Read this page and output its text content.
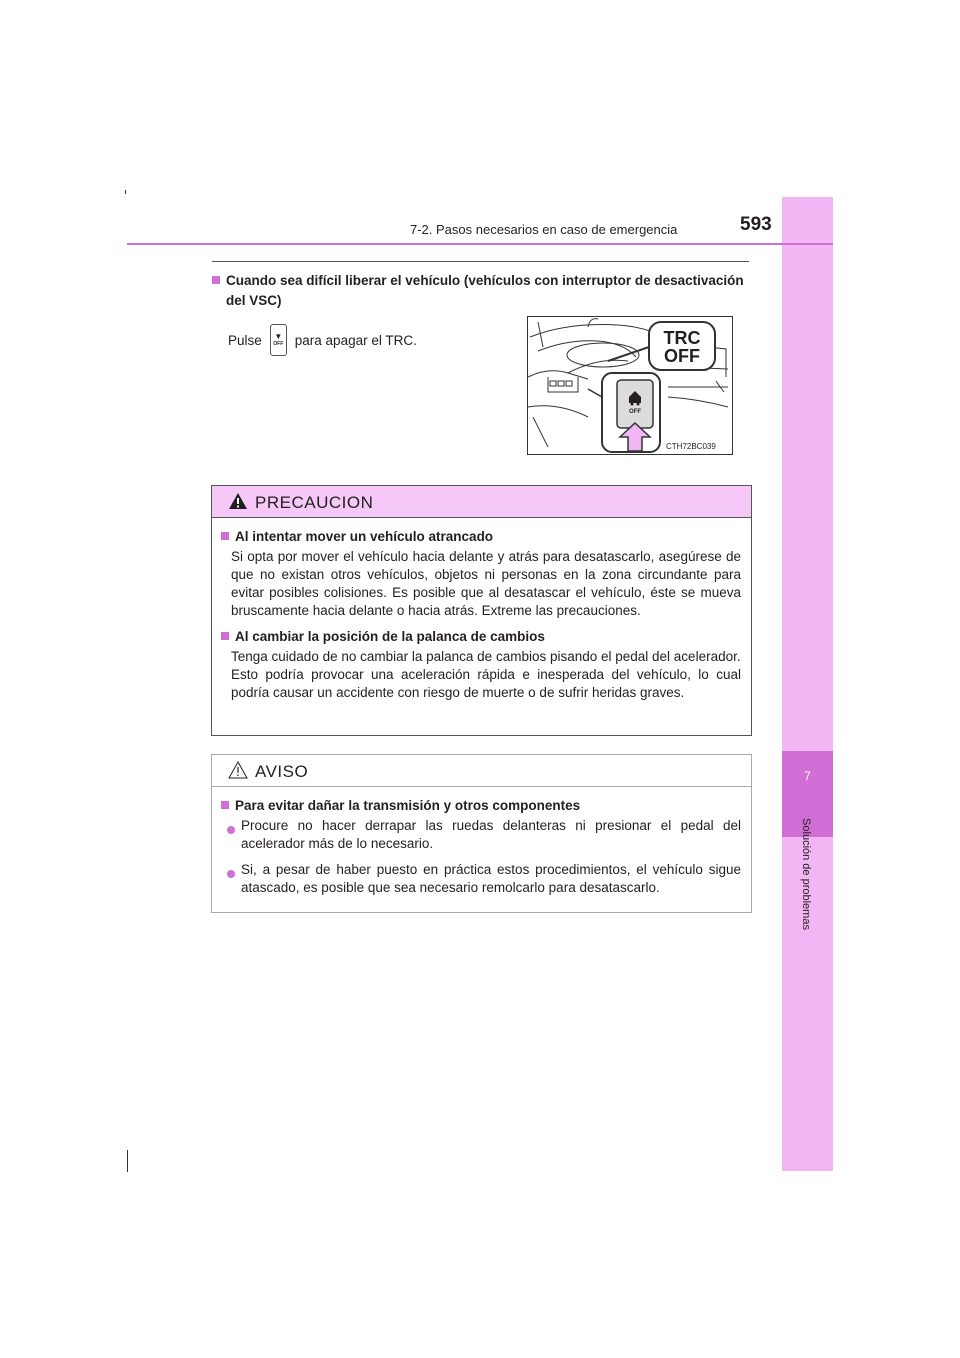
7
Solución de problemas
7-2. Pasos necesarios en caso de emergencia	593
Cuando sea difícil liberar el vehículo (vehículos con interruptor de desactivación
del VSC)
Pulse ▼
OFF para apagar el TRC.	TRC
OFF
OFF
CTH72BC039
PRECAUCION
Al intentar mover un vehículo atrancado
Si opta por mover el vehículo hacia delante y atrás para desatascarlo, asegúrese de que no existan otros vehículos, objetos ni personas en la zona circundante para evitar posibles colisiones. Es posible que al desatascar el vehículo, éste se mueva bruscamente hacia delante o hacia atrás. Extreme las precauciones.
Al cambiar la posición de la palanca de cambios
Tenga cuidado de no cambiar la palanca de cambios pisando el pedal del acelerador.
Esto podría provocar una aceleración rápida e inesperada del vehículo, lo cual podría causar un accidente con riesgo de muerte o de sufrir heridas graves.
AVISO
Para evitar dañar la transmisión y otros componentes
Procure no hacer derrapar las ruedas delanteras ni presionar el pedal del acelerador más de lo necesario.
Si, a pesar de haber puesto en práctica estos procedimientos, el vehículo sigue atascado, es posible que sea necesario remolcarlo para desatascarlo.
